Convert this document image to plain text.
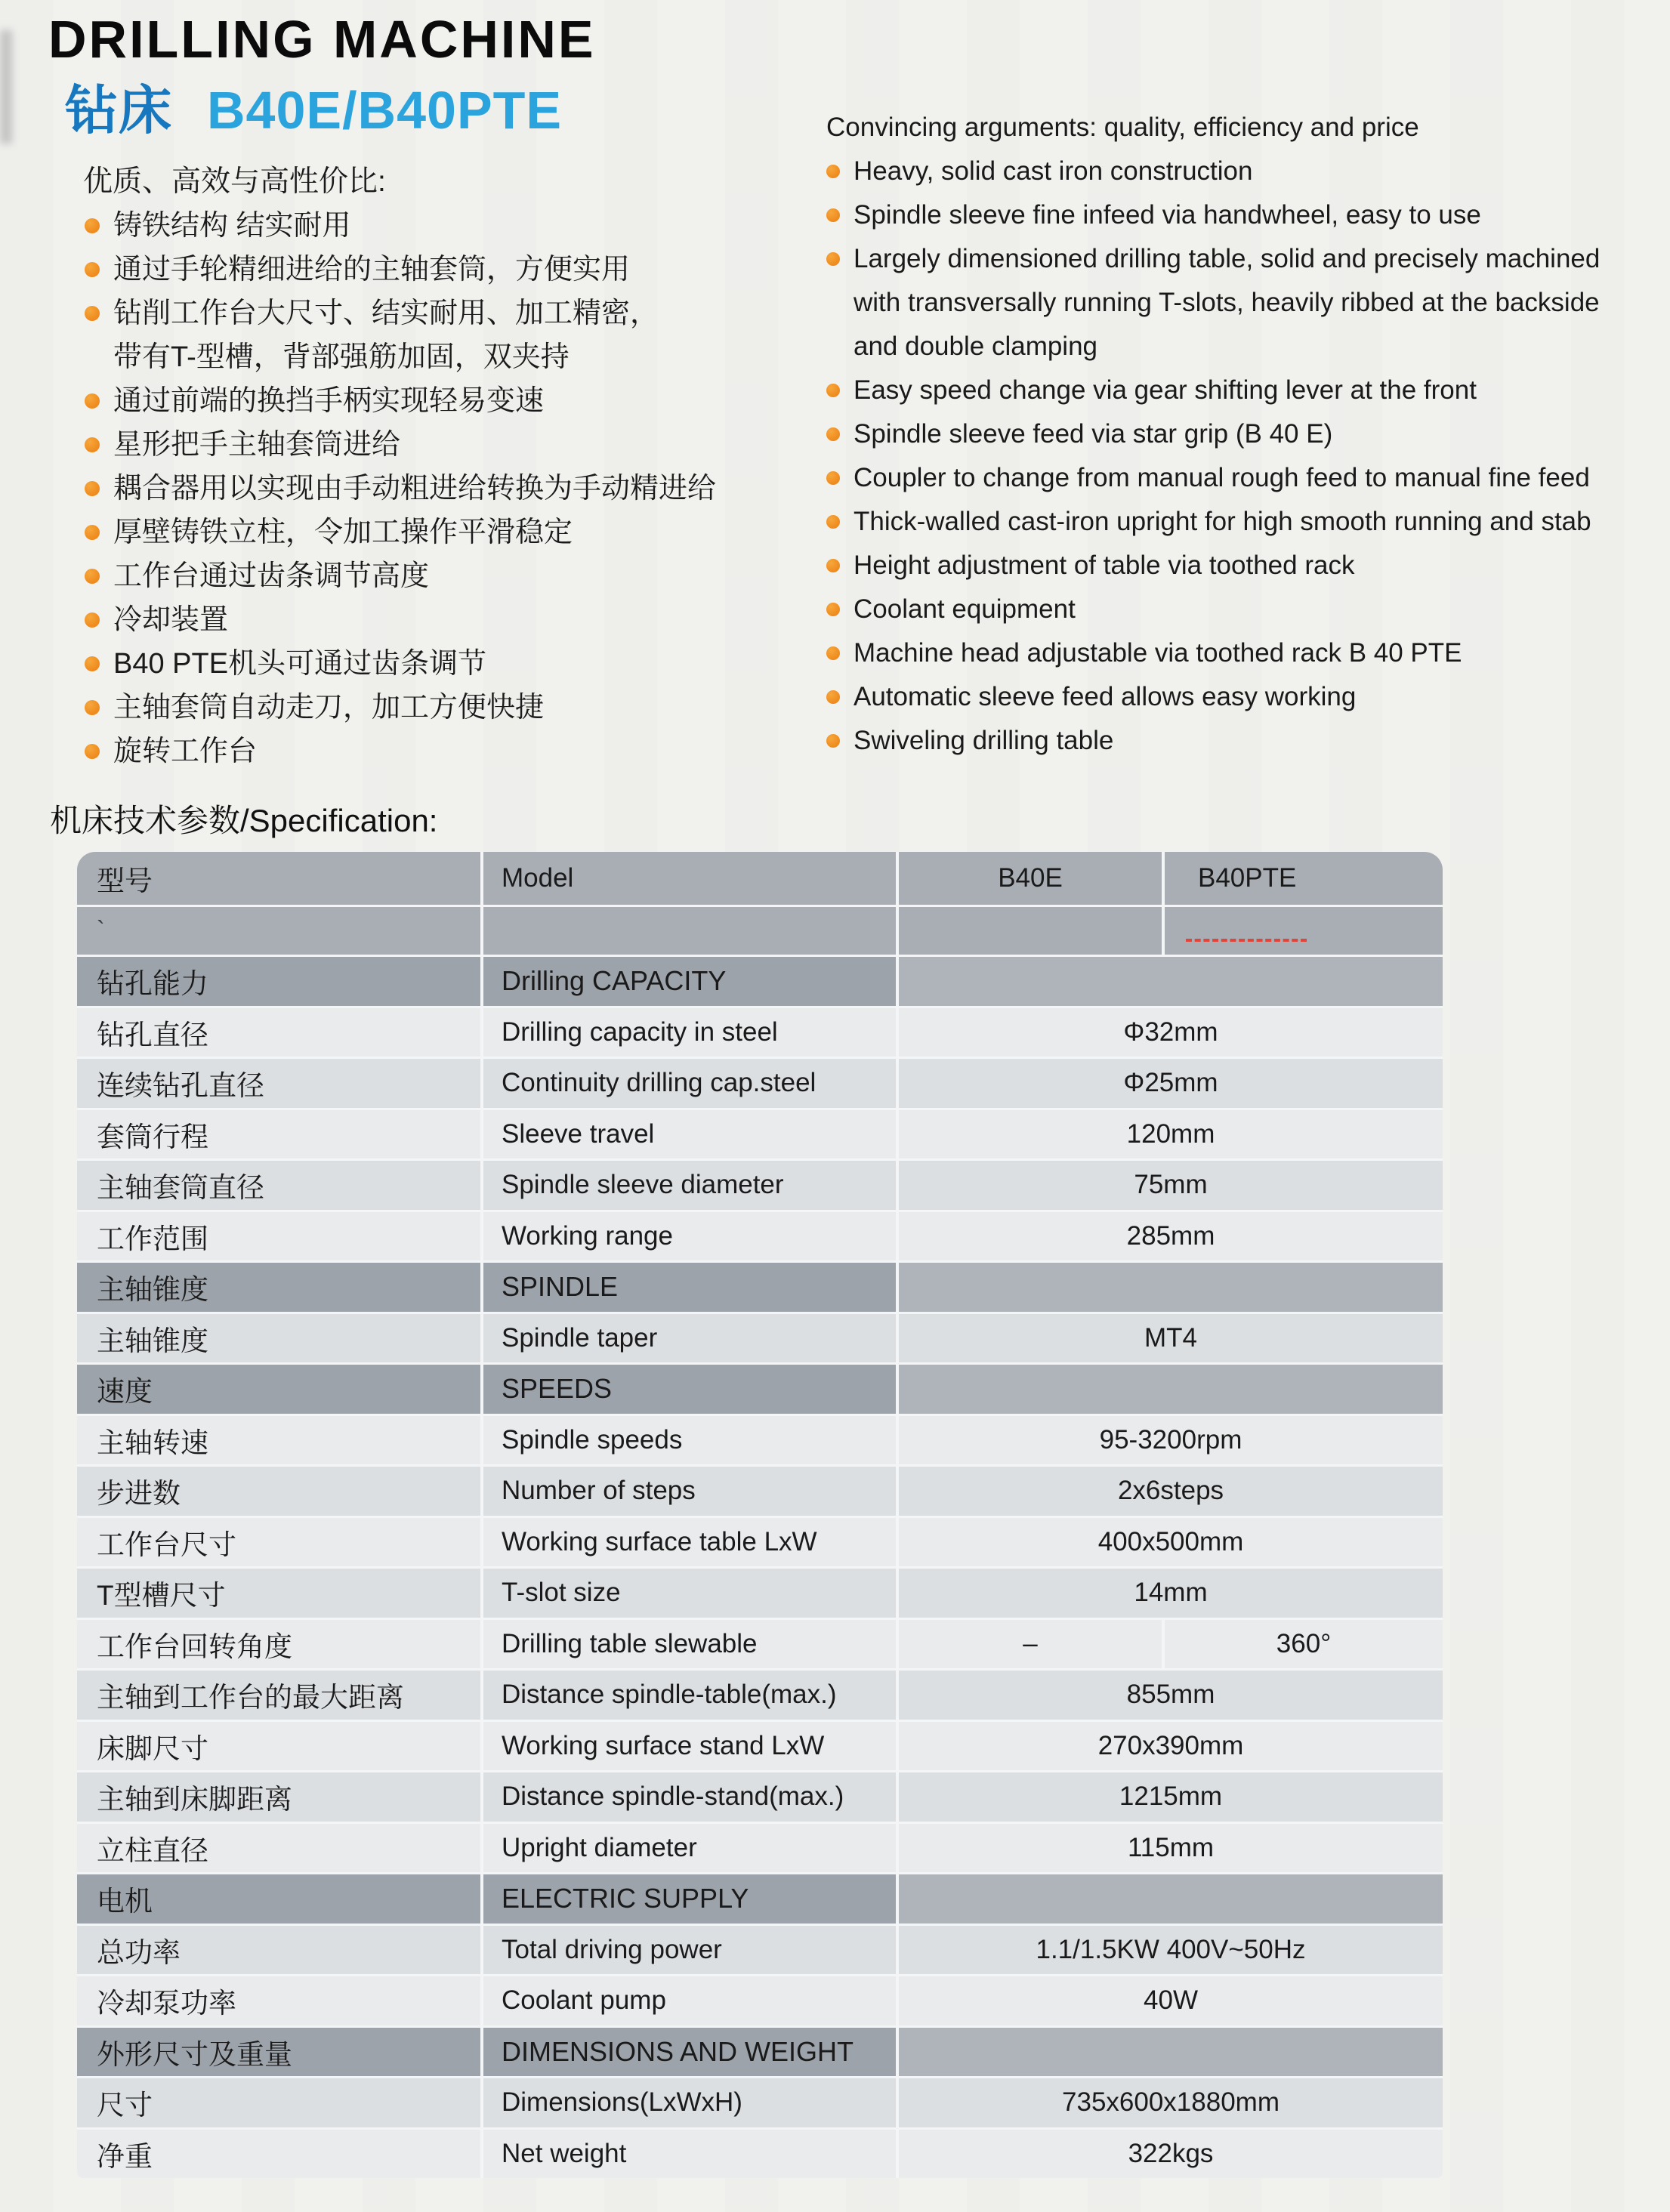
DRILLING MACHINE
钻床 B40E/B40PTE
优质、高效与高性价比:
铸铁结构 结实耐用
通过手轮精细进给的主轴套筒，方便实用
钻削工作台大尺寸、结实耐用、加工精密，
带有T-型槽，背部强筋加固，双夹持
通过前端的换挡手柄实现轻易变速
星形把手主轴套筒进给
耦合器用以实现由手动粗进给转换为手动精进给
厚壁铸铁立柱，令加工操作平滑稳定
工作台通过齿条调节高度
冷却装置
B40 PTE机头可通过齿条调节
主轴套筒自动走刀，加工方便快捷
旋转工作台
Convincing arguments: quality, efficiency and price
Heavy, solid cast iron construction
Spindle sleeve fine infeed via handwheel, easy to use
Largely dimensioned drilling table, solid and precisely machined
with transversally running T-slots, heavily ribbed at the backside
and double clamping
Easy speed change via gear shifting lever at the front
Spindle sleeve feed via star grip (B 40 E)
Coupler to change from manual rough feed to manual fine feed
Thick-walled cast-iron upright for high smooth running and stab
Height adjustment of table via toothed rack
Coolant equipment
Machine head adjustable via toothed rack B 40 PTE
Automatic sleeve feed allows easy working
Swiveling drilling table
机床技术参数/Specification:
型号	Model	B40E	B40PTE
`
钻孔能力	Drilling CAPACITY
钻孔直径	Drilling capacity in steel	Φ32mm
连续钻孔直径	Continuity drilling cap.steel	Φ25mm
套筒行程	Sleeve travel	120mm
主轴套筒直径	Spindle sleeve diameter	75mm
工作范围	Working range	285mm
主轴锥度	SPINDLE
主轴锥度	Spindle taper	MT4
速度	SPEEDS
主轴转速	Spindle speeds	95-3200rpm
步进数	Number of steps	2x6steps
工作台尺寸	Working surface table LxW	400x500mm
T型槽尺寸	T-slot size	14mm
工作台回转角度	Drilling table slewable	–	360°
主轴到工作台的最大距离	Distance spindle-table(max.)	855mm
床脚尺寸	Working surface stand LxW	270x390mm
主轴到床脚距离	Distance spindle-stand(max.)	1215mm
立柱直径	Upright diameter	115mm
电机	ELECTRIC SUPPLY
总功率	Total driving power	1.1/1.5KW 400V~50Hz
冷却泵功率	Coolant pump	40W
外形尺寸及重量	DIMENSIONS AND WEIGHT
尺寸	Dimensions(LxWxH)	735x600x1880mm
净重	Net weight	322kgs
